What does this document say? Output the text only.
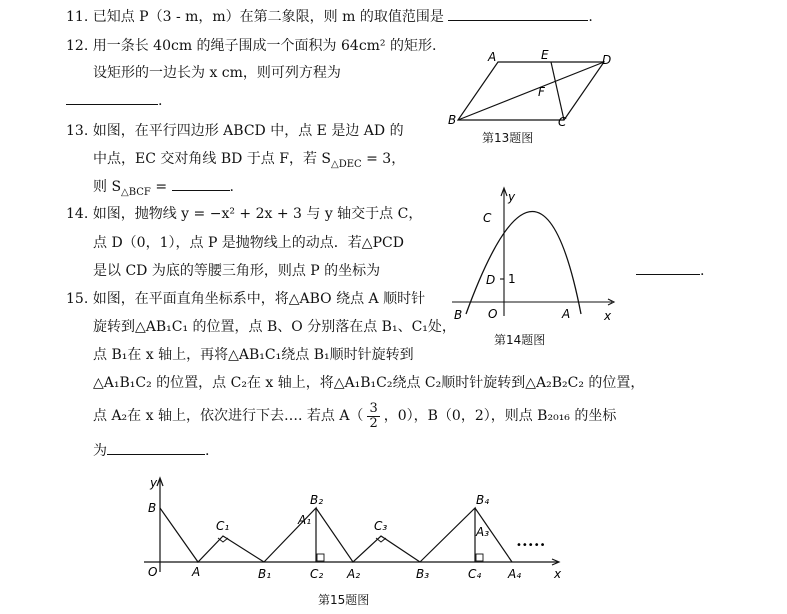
11. 已知点 P（3 - m，m）在第二象限，则 m 的取值范围是	.
12. 用一条长 40cm 的绳子围成一个面积为 64cm² 的矩形.
设矩形的一边长为 x cm，则可列方程为
.
13. 如图，在平行四边形 ABCD 中，点 E 是边 AD 的
中点，EC 交对角线 BD 于点 F，若 $S_{\triangle DEC} = 3$，
则 $S_{\triangle BCF}$ =	.
14. 如图，抛物线 y = −x² + 2x + 3 与 y 轴交于点 C，
点 D（0，1），点 P 是抛物线上的动点．若△PCD
是以 CD 为底的等腰三角形，则点 P 的坐标为	.
15. 如图，在平面直角坐标系中，将△ABO 绕点 A 顺时针
旋转到△AB₁C₁ 的位置，点 B、O 分别落在点 B₁、C₁处，
点 B₁在 x 轴上，再将△AB₁C₁绕点 B₁顺时针旋转到
△A₁B₁C₂ 的位置，点 C₂在 x 轴上，将△A₁B₁C₂绕点 C₂顺时针旋转到△A₂B₂C₂ 的位置，
点 A₂在 x 轴上，依次进行下去…. 若点 $A( \frac{3}{2}$ ，0），B（0，2），则点 B₂₀₁₆ 的坐标
为	.
A	E	D
F
B	C
第13题图
y
C
D 1
B O	A	x
第14题图
y
B
O	A
C₁
B₁
B₂
A₁
C₂ A₂
C₃
B₃
B₄
A₃
C₄ A₄
•••••
x
第15题图
